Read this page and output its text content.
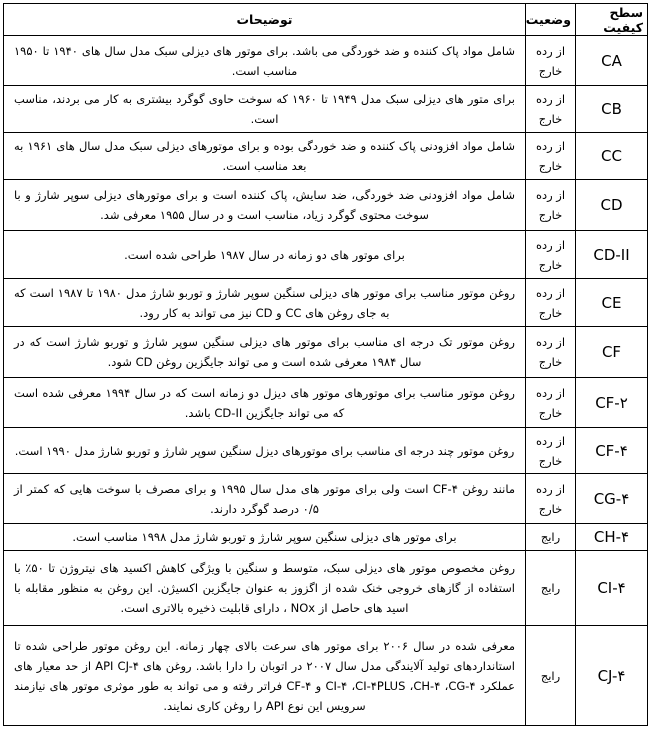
سطح کیفیت	وضعیت	توضیحات
CA	از رده خارج	شامل مواد پاک کننده و ضد خوردگی می باشد. برای موتور های دیزلی سبک مدل سال های ۱۹۴۰ تا ۱۹۵۰ مناسب است.
CB	از رده خارج	برای متور های دیزلی سبک مدل ۱۹۴۹ تا ۱۹۶۰ که سوخت حاوی گوگرد بیشتری به کار می بردند، مناسب است.
CC	از رده خارج	شامل مواد افزودنی پاک کننده و ضد خوردگی بوده و برای موتورهای دیزلی سبک مدل سال های ۱۹۶۱ به بعد مناسب است.
CD	از رده خارج	شامل مواد افزودنی ضد خوردگی، ضد سایش، پاک کننده است و برای موتورهای دیزلی سوپر شارژ و با سوخت محتوی گوگرد زیاد، مناسب است و در سال ۱۹۵۵ معرفی شد.
CD-II	از رده خارج	برای موتور های دو زمانه در سال ۱۹۸۷ طراحی شده است.
CE	از رده خارج	روغن موتور مناسب برای موتور های دیزلی سنگین سوپر شارژ و توربو شارژ مدل ۱۹۸۰ تا ۱۹۸۷ است که به جای روغن های CC و CD نیز می تواند به کار رود.
CF	از رده خارج	روغن موتور تک درجه ای مناسب برای موتور های دیزلی سنگین سوپر شارژ و توربو شارژ است که در سال ۱۹۸۴ معرفی شده است و می تواند جایگزین روغن CD شود.
CF-۲	از رده خارج	روغن موتور مناسب برای موتورهای موتور های دیزل دو زمانه است که در سال ۱۹۹۴ معرفی شده است که می تواند جایگزین CD-II باشد.
CF-۴	از رده خارج	روغن موتور چند درجه ای مناسب برای موتورهای دیزل سنگین سوپر شارژ و توربو شارژ مدل ۱۹۹۰ است.
CG-۴	از رده خارج	مانند روغن CF-۴ است ولی برای موتور های مدل سال ۱۹۹۵ و برای مصرف با سوخت هایی که کمتر از ۰/۵ درصد گوگرد دارند.
CH-۴	رایج	برای موتور های دیزلی سنگین سوپر شارژ و توربو شارژ مدل ۱۹۹۸ مناسب است.
CI-۴	رایج	روغن مخصوص موتور های دیزلی سبک، متوسط و سنگین با ویژگی کاهش اکسید های نیتروژن تا ۵۰٪ با استفاده از گازهای خروجی خنک شده از اگزوز به عنوان جایگزین اکسیژن. این روغن به منظور مقابله با اسید های حاصل از NOx ، دارای قابلیت ذخیره بالاتری است.
CJ-۴	رایج	معرفی شده در سال ۲۰۰۶ برای موتور های سرعت بالای چهار زمانه. این روغن موتور طراحی شده تا استانداردهای تولید آلایندگی مدل سال ۲۰۰۷ در اتوبان را دارا باشد. روغن های API CJ-۴ از حد معیار های عملکرد CI-۴ ،CI-۴PLUS ،CH-۴ ،CG-۴ و CF-۴ فراتر رفته و می تواند به طور موثری موتور های نیازمند سرویس این نوع API را روغن کاری نمایند.
